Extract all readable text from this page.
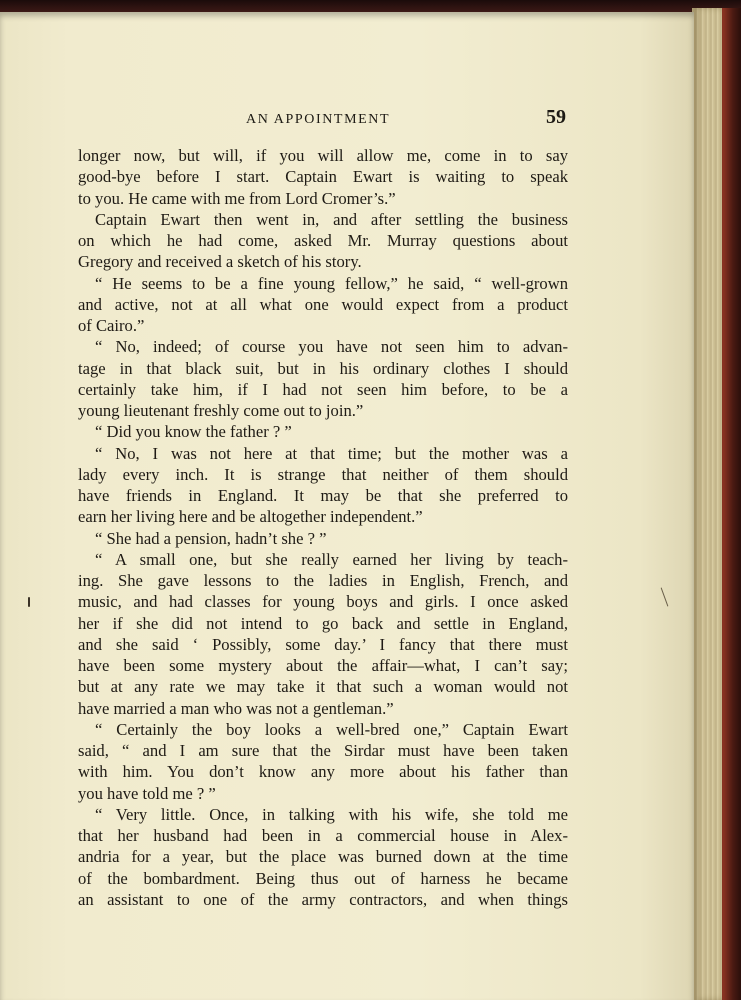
AN APPOINTMENT	59
longer now, but will, if you will allow me, come in to say
good-bye before I start. Captain Ewart is waiting to speak
to you. He came with me from Lord Cromer’s.”
Captain Ewart then went in, and after settling the business
on which he had come, asked Mr. Murray questions about
Gregory and received a sketch of his story.
“ He seems to be a fine young fellow,” he said, “ well-grown
and active, not at all what one would expect from a product
of Cairo.”
“ No, indeed; of course you have not seen him to advan-
tage in that black suit, but in his ordinary clothes I should
certainly take him, if I had not seen him before, to be a
young lieutenant freshly come out to join.”
“ Did you know the father ? ”
“ No, I was not here at that time; but the mother was a
lady every inch. It is strange that neither of them should
have friends in England. It may be that she preferred to
earn her living here and be altogether independent.”
“ She had a pension, hadn’t she ? ”
“ A small one, but she really earned her living by teach-
ing. She gave lessons to the ladies in English, French, and
music, and had classes for young boys and girls. I once asked
her if she did not intend to go back and settle in England,
and she said ‘ Possibly, some day.’ I fancy that there must
have been some mystery about the affair—what, I can’t say;
but at any rate we may take it that such a woman would not
have married a man who was not a gentleman.”
“ Certainly the boy looks a well-bred one,” Captain Ewart
said, “ and I am sure that the Sirdar must have been taken
with him. You don’t know any more about his father than
you have told me ? ”
“ Very little. Once, in talking with his wife, she told me
that her husband had been in a commercial house in Alex-
andria for a year, but the place was burned down at the time
of the bombardment. Being thus out of harness he became
an assistant to one of the army contractors, and when things
